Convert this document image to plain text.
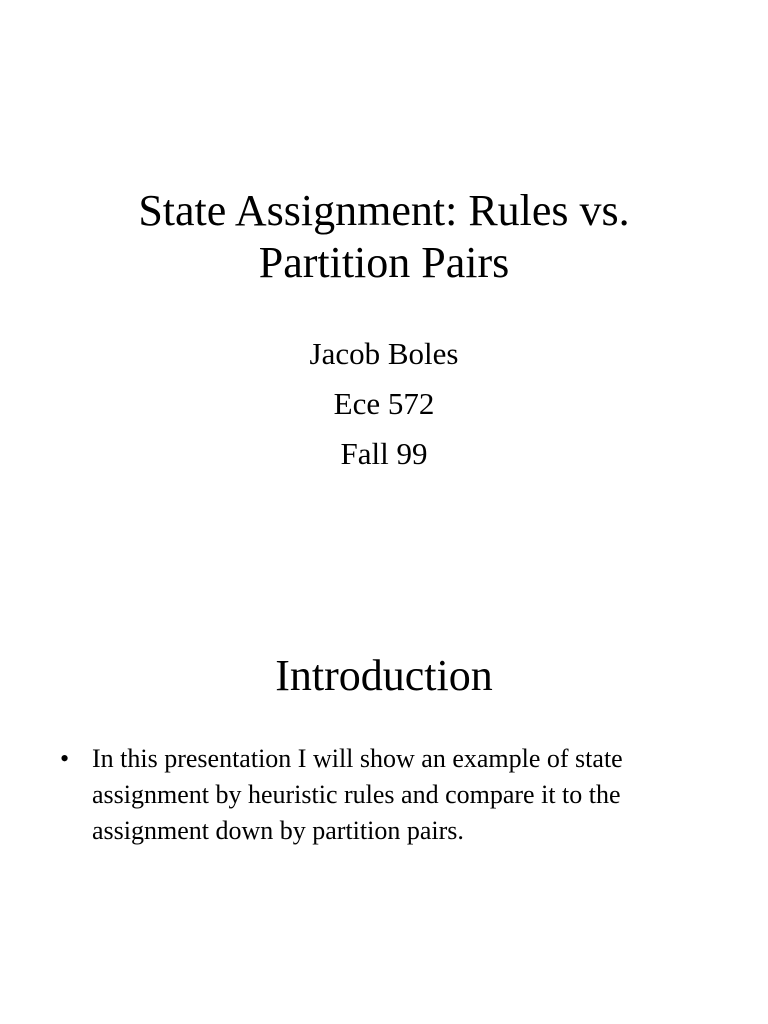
State Assignment: Rules vs.
Partition Pairs
Jacob Boles
Ece 572
Fall 99
Introduction
• In this presentation I will show an example of state assignment by heuristic rules and compare it to the assignment down by partition pairs.
